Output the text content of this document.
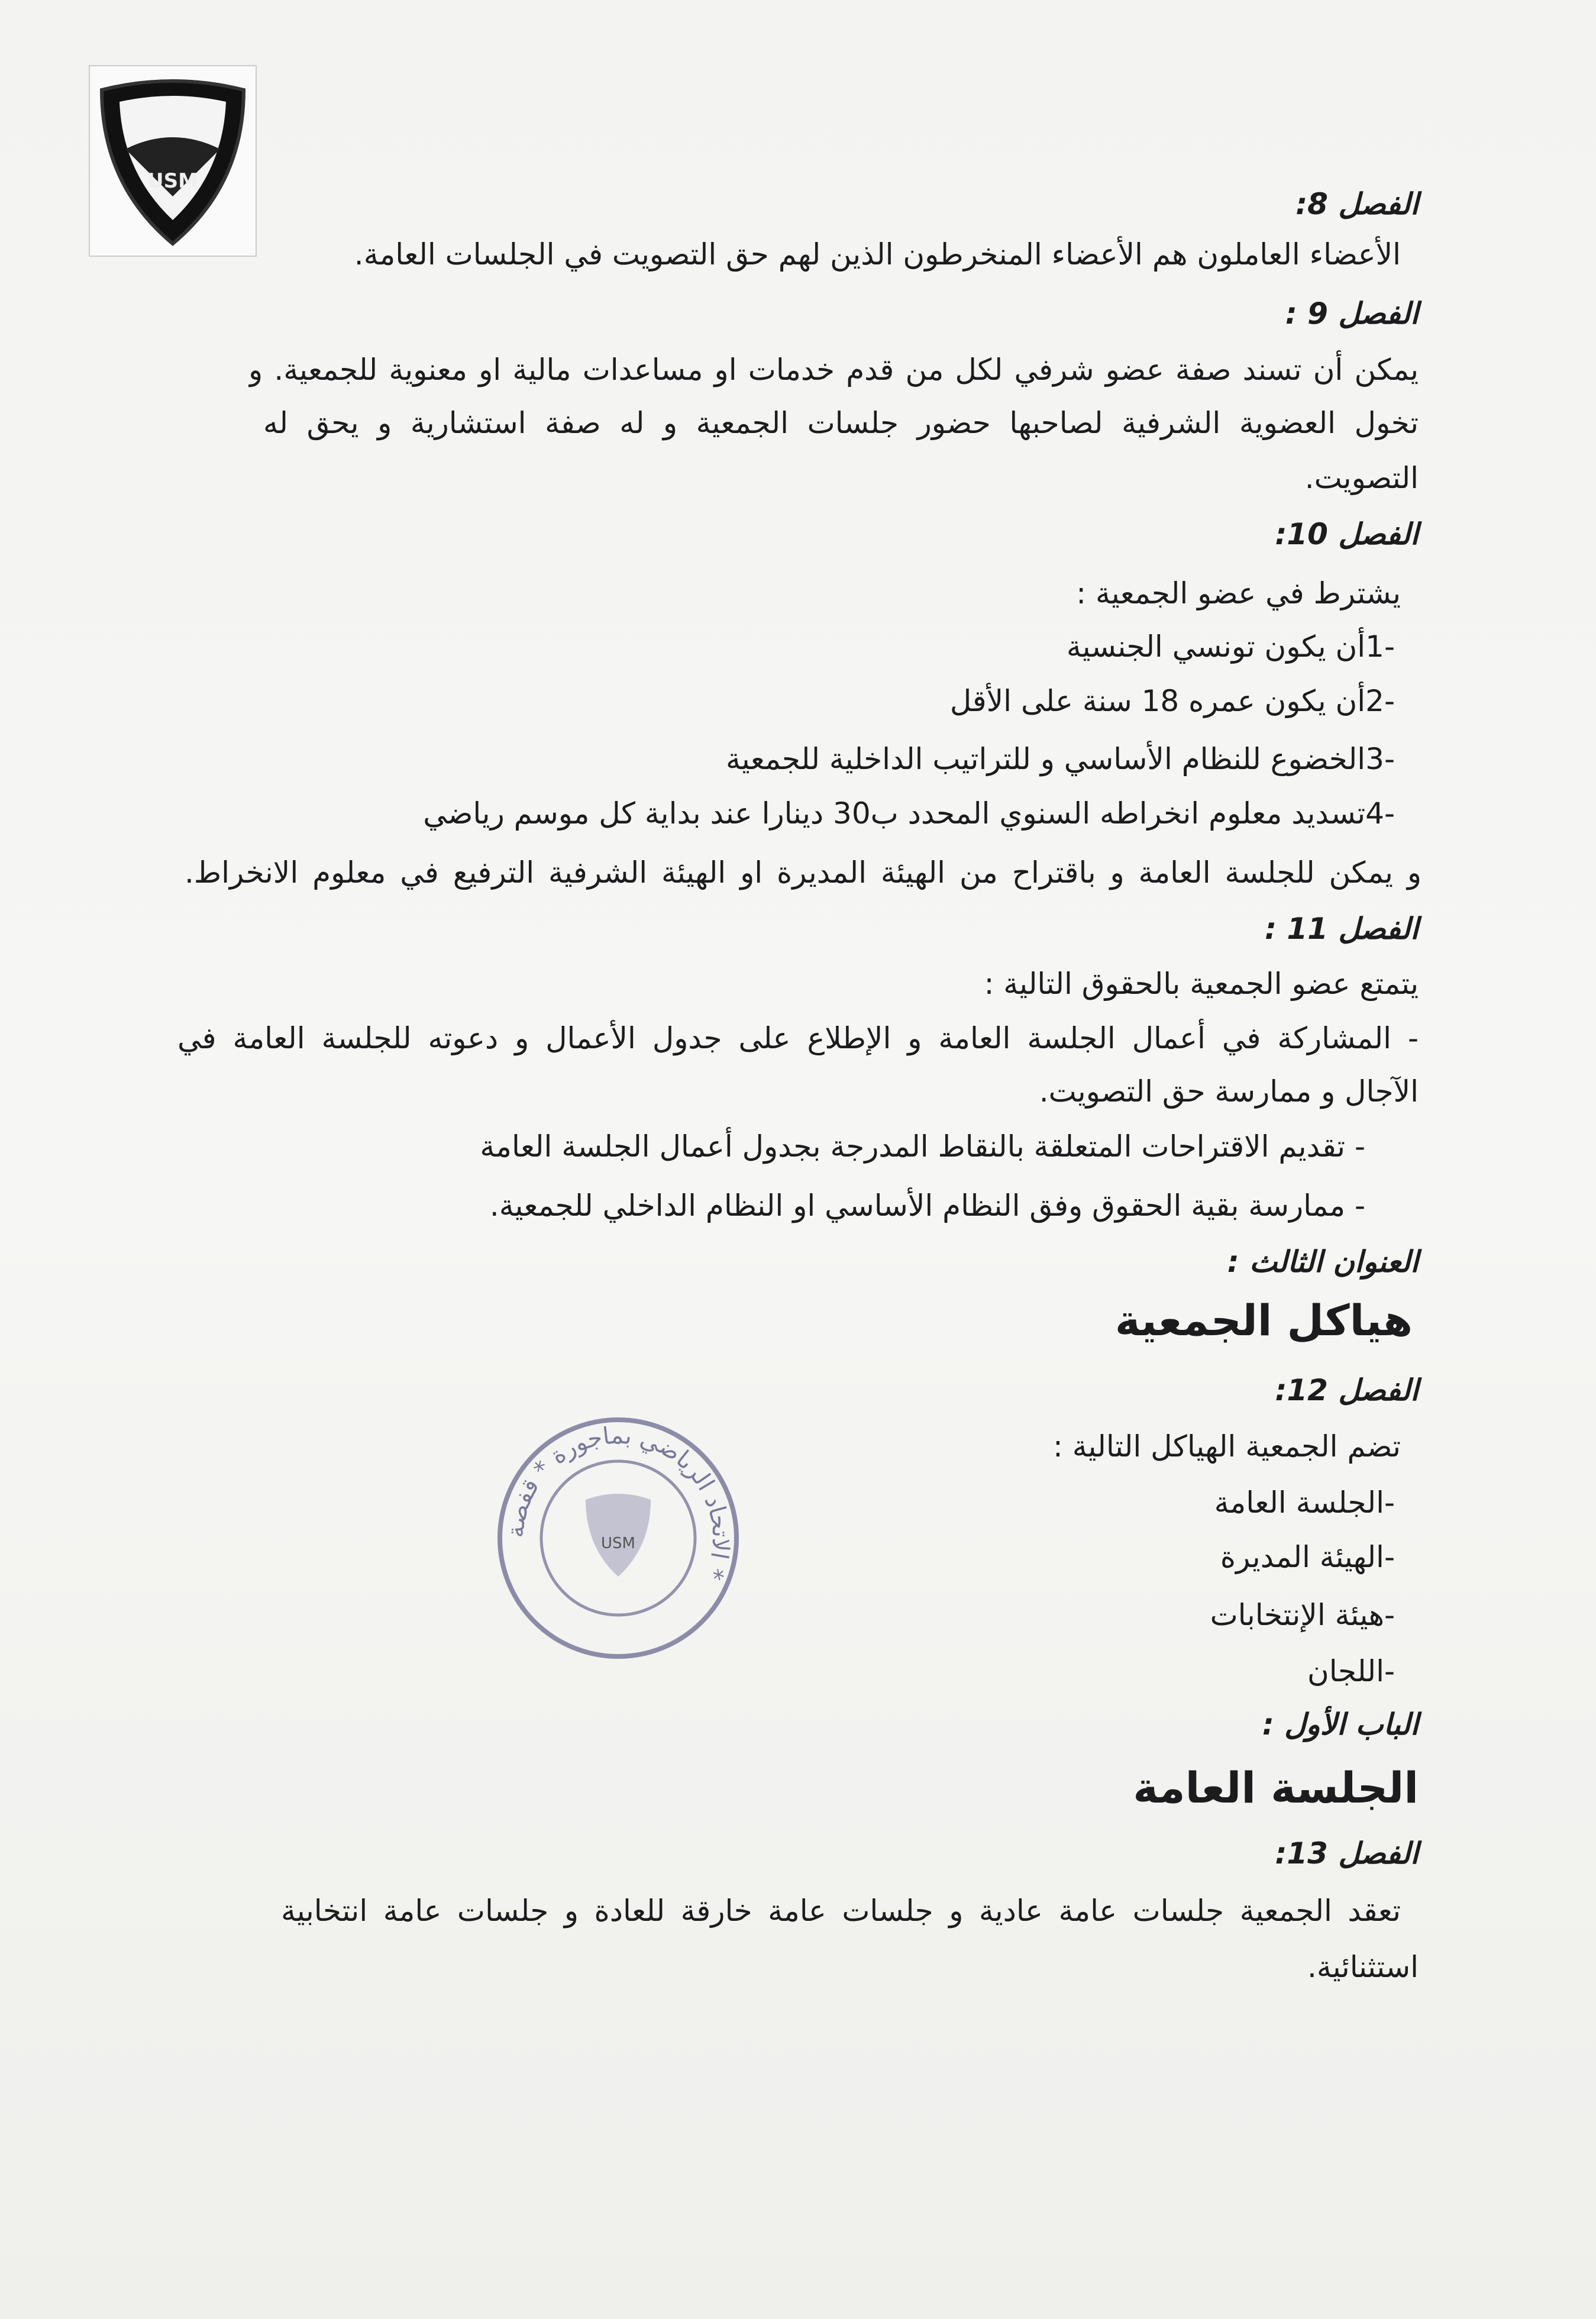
USM
الفصل 8:
الأعضاء العاملون هم الأعضاء المنخرطون الذين لهم حق التصويت في الجلسات العامة.
الفصل 9 :
يمكن أن تسند صفة عضو شرفي لكل من قدم خدمات او مساعدات مالية او معنوية للجمعية. و
تخول العضوية الشرفية لصاحبها حضور جلسات الجمعية و له صفة استشارية و يحق له
التصويت.
الفصل 10:
يشترط في عضو الجمعية :
-1أن يكون تونسي الجنسية
-2أن يكون عمره 18 سنة على الأقل
-3الخضوع للنظام الأساسي و للتراتيب الداخلية للجمعية
-4تسديد معلوم انخراطه السنوي المحدد ب30 دينارا عند بداية كل موسم رياضي
و يمكن للجلسة العامة و باقتراح من الهيئة المديرة او الهيئة الشرفية الترفيع في معلوم الانخراط.
الفصل 11 :
يتمتع عضو الجمعية بالحقوق التالية :
- المشاركة في أعمال الجلسة العامة و الإطلاع على جدول الأعمال و دعوته للجلسة العامة في
الآجال و ممارسة حق التصويت.
- تقديم الاقتراحات المتعلقة بالنقاط المدرجة بجدول أعمال الجلسة العامة
- ممارسة بقية الحقوق وفق النظام الأساسي او النظام الداخلي للجمعية.
العنوان الثالث :
هياكل الجمعية
الفصل 12:
تضم الجمعية الهياكل التالية :
-الجلسة العامة
-الهيئة المديرة
-هيئة الإنتخابات
-اللجان
USM
الاتحاد الرياضي بماجورة * قفصة *
الباب الأول :
الجلسة العامة
الفصل 13:
تعقد الجمعية جلسات عامة عادية و جلسات عامة خارقة للعادة و جلسات عامة انتخابية
استثنائية.
